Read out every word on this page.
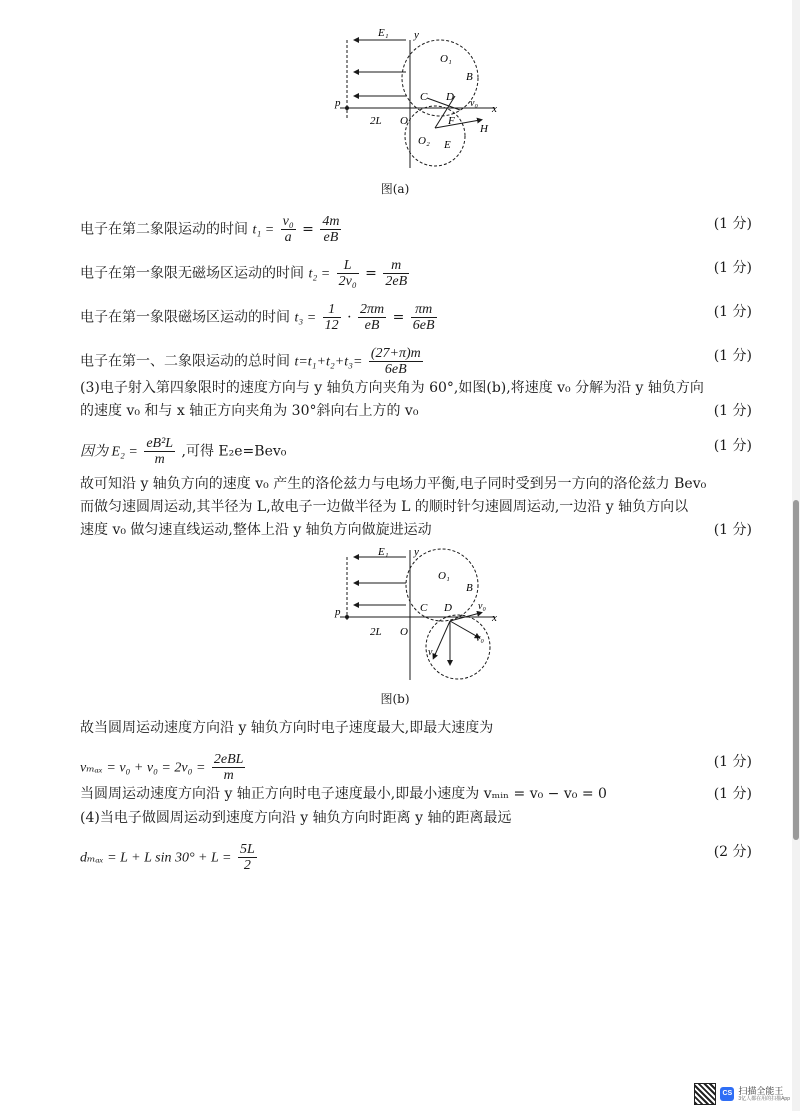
E₁ y
O₁
B
C D
p	x
v₀
2L O	F
H
O₂ E
图(a)
电子在第二象限运动的时间 $t_1 = \frac{\text{v₀}}{a} = \frac{4m}{eB}$	(1 分)
电子在第一象限无磁场区运动的时间 $t_2 = \frac{L}{\text{2v₀}} = \frac{m}{2eB}$	(1 分)
电子在第一象限磁场区运动的时间 $t_3 = \frac{1}{12} \cdot \frac{2\pi m}{eB} = \frac{\pi m}{6eB}$	(1 分)
电子在第一、二象限运动的总时间 $t=t_1+t_2+t_3= \frac{(27+\pi)m}{6eB}$	(1 分)
(3)电子射入第四象限时的速度方向与 y 轴负方向夹角为 60°,如图(b),将速度 v₀ 分解为沿 y 轴负方向
的速度 v₀ 和与 x 轴正方向夹角为 30°斜向右上方的 v₀	(1 分)
因为 $E_2 = \frac{\text{eB²L}}{m}$ ,可得 E₂e=Bev₀	(1 分)
故可知沿 y 轴负方向的速度 v₀ 产生的洛伦兹力与电场力平衡,电子同时受到另一方向的洛伦兹力 Bev₀
而做匀速圆周运动,其半径为 L,故电子一边做半径为 L 的顺时针匀速圆周运动,一边沿 y 轴负方向以
速度 v₀ 做匀速直线运动,整体上沿 y 轴负方向做旋进运动	(1 分)
E₁ y
O₁
B
C D
p	x
v₀
v₀
v₀
2L O
图(b)
故当圆周运动速度方向沿 y 轴负方向时电子速度最大,即最大速度为
$v_{max} = v_0 + v_0 = 2v_0 = \frac{\text{2eBL}}{m}$	(1 分)
当圆周运动速度方向沿 y 轴正方向时电子速度最小,即最小速度为 vₘᵢₙ = v₀ − v₀ = 0	(1 分)
(4)当电子做圆周运动到速度方向沿 y 轴负方向时距离 y 轴的距离最远
dₘₐₓ = L + L $\sin 30^\circ + L = \frac{5L}{2}$	(2 分)
CS 扫描全能王
3亿人都在用的扫描App
